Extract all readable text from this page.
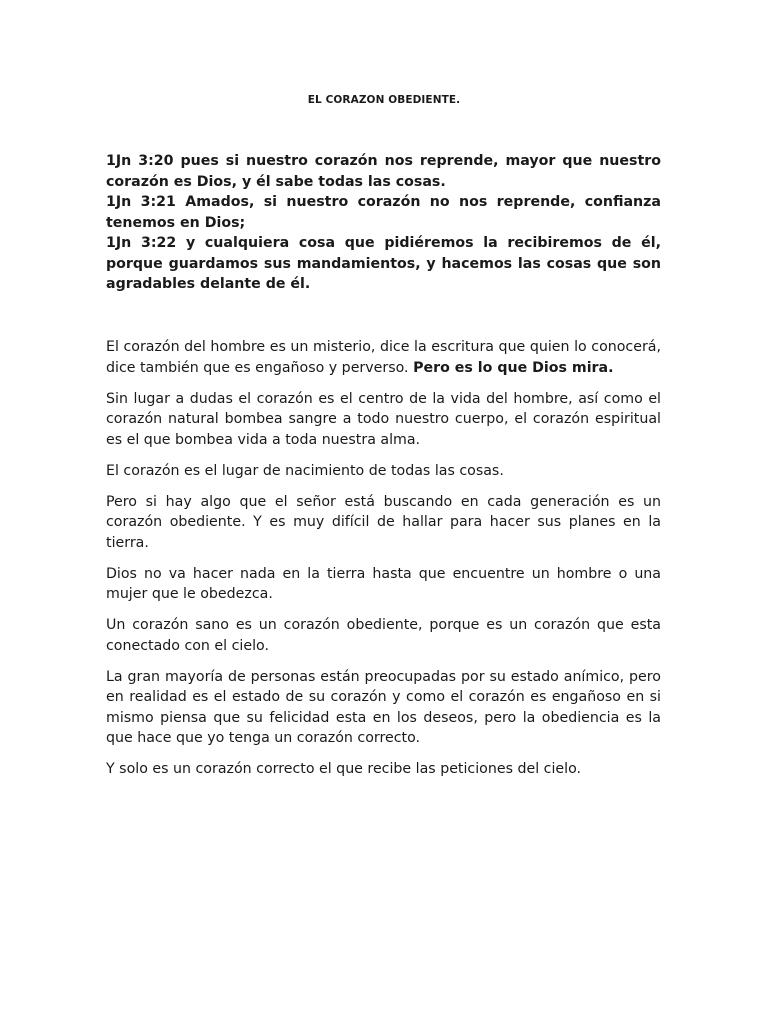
EL CORAZON OBEDIENTE.

1Jn 3:20 pues si nuestro corazón nos reprende, mayor que nuestro corazón es Dios, y él sabe todas las cosas.

1Jn 3:21 Amados, si nuestro corazón no nos reprende, confianza tenemos en Dios;

1Jn 3:22 y cualquiera cosa que pidiéremos la recibiremos de él, porque guardamos sus mandamientos, y hacemos las cosas que son agradables delante de él.

El corazón del hombre es un misterio, dice la escritura que quien lo conocerá, dice también que es engañoso y perverso. Pero es lo que Dios mira.

Sin lugar a dudas el corazón es el centro de la vida del hombre, así como el corazón natural bombea sangre a todo nuestro cuerpo, el corazón espiritual es el que bombea vida a toda nuestra alma.

El corazón es el lugar de nacimiento de todas las cosas.

Pero si hay algo que el señor está buscando en cada generación es un corazón obediente. Y es muy difícil de hallar para hacer sus planes en la tierra.

Dios no va hacer nada en la tierra hasta que encuentre un hombre o una mujer que le obedezca.

Un corazón sano es un corazón obediente, porque es un corazón que esta conectado con el cielo.

La gran mayoría de personas están preocupadas por su estado anímico, pero en realidad es el estado de su corazón y como el corazón es engañoso en si mismo piensa que su felicidad esta en los deseos, pero la obediencia es la que hace que yo tenga un corazón correcto.

Y solo es un corazón correcto el que recibe las peticiones del cielo.
